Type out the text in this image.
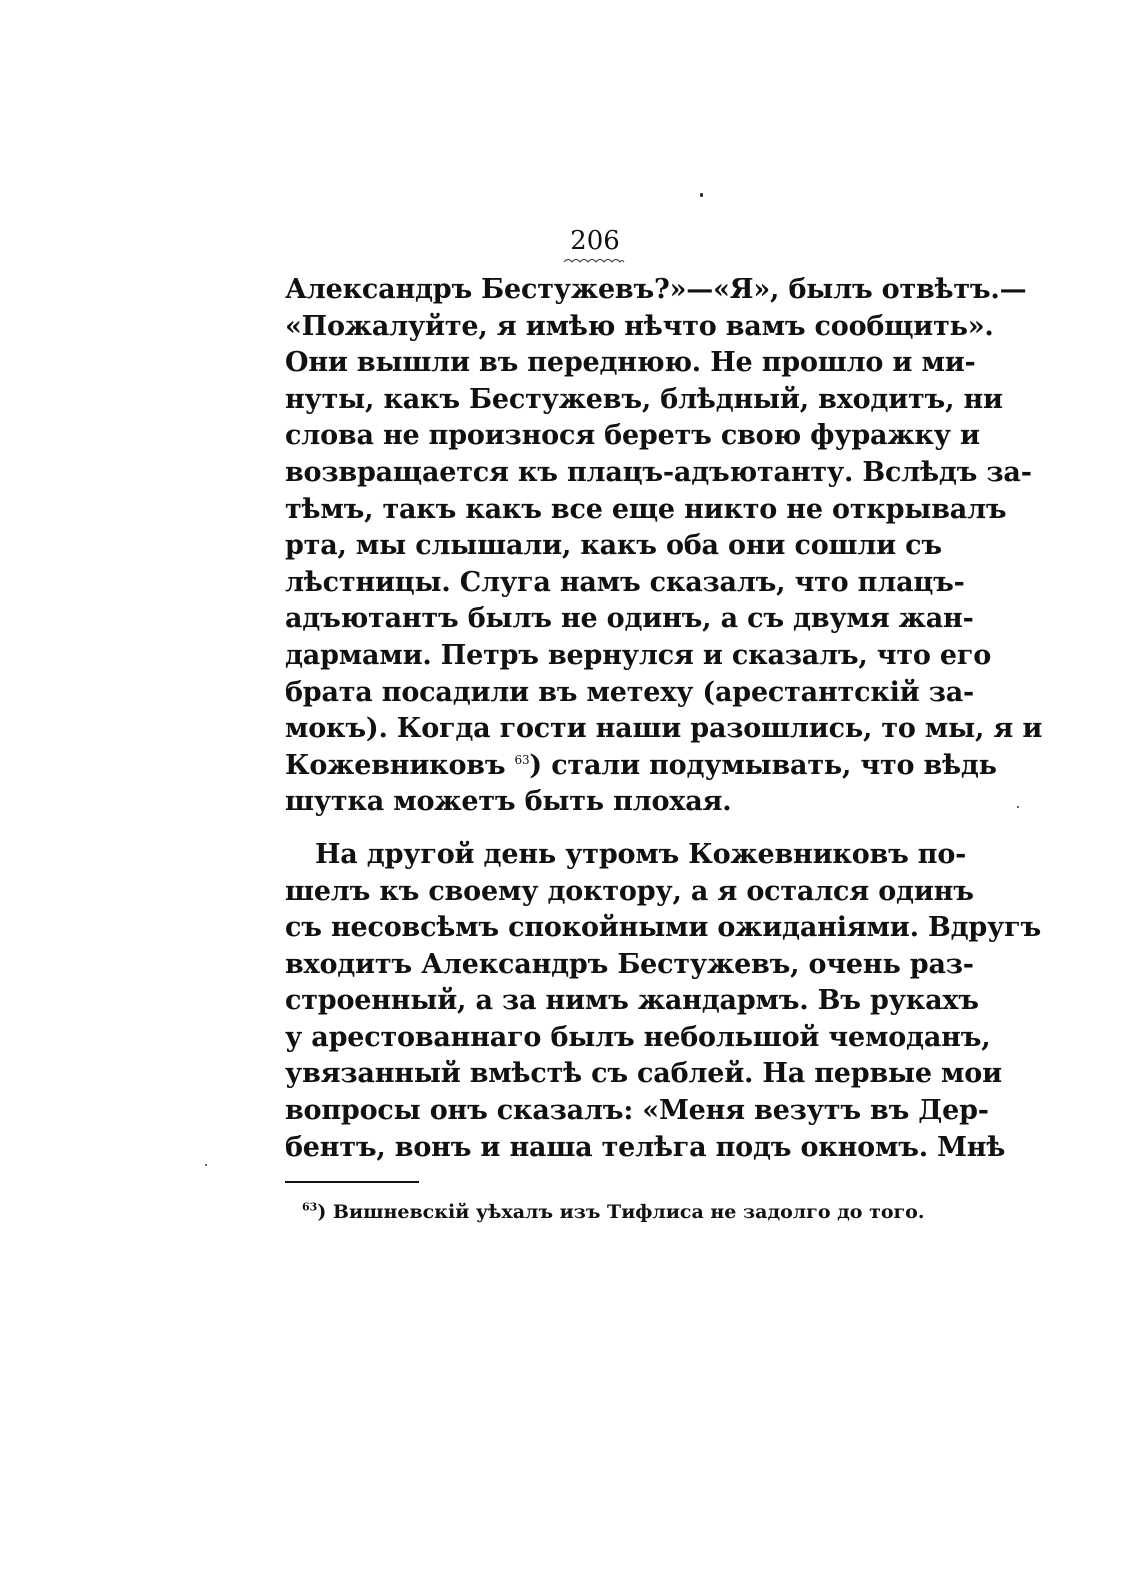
206
Александръ Бестужевъ?»—«Я», былъ отвѣтъ.—
«Пожалуйте, я имѣю нѣчто вамъ сообщить».
Они вышли въ переднюю. Не прошло и ми-
нуты, какъ Бестужевъ, блѣдный, входитъ, ни
слова не произнося беретъ свою фуражку и
возвращается къ плацъ-адъютанту. Вслѣдъ за-
тѣмъ, такъ какъ все еще никто не открывалъ
рта, мы слышали, какъ оба они сошли съ
лѣстницы. Слуга намъ сказалъ, что плацъ-
адъютантъ былъ не одинъ, а съ двумя жан-
дармами. Петръ вернулся и сказалъ, что его
брата посадили въ метеху (арестантскій за-
мокъ). Когда гости наши разошлись, то мы, я и
Кожевниковъ $^{63}$) стали подумывать, что вѣдь
шутка можетъ быть плохая.
На другой день утромъ Кожевниковъ по-
шелъ къ своему доктору, а я остался одинъ
съ несовсѣмъ спокойными ожиданіями. Вдругъ
входитъ Александръ Бестужевъ, очень раз-
строенный, а за нимъ жандармъ. Въ рукахъ
у арестованнаго былъ небольшой чемоданъ,
увязанный вмѣстѣ съ саблей. На первые мои
вопросы онъ сказалъ: «Меня везутъ въ Дер-
бентъ, вонъ и наша телѣга подъ окномъ. Мнѣ
$^{63}$) Вишневскій уѣхалъ изъ Тифлиса не задолго до того.
